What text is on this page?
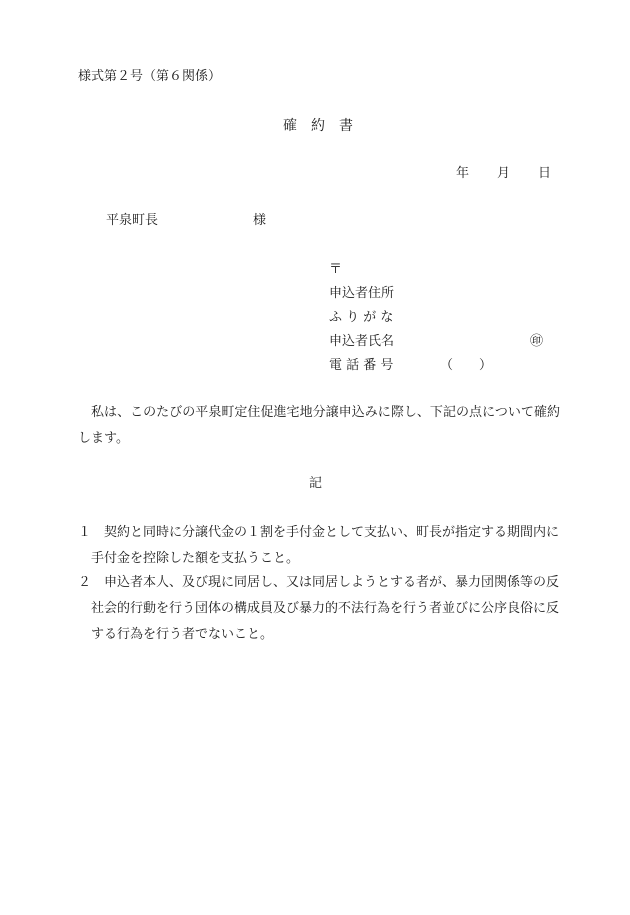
様式第２号（第６関係）
確　約　書
年 月 日
平泉町長	様
〒
申込者住所
ふ り が な
申込者氏名	㊞
電 話 番 号	（　　）
私は、このたびの平泉町定住促進宅地分譲申込みに際し、下記の点について確約します。
記
１ 契約と同時に分譲代金の１割を手付金として支払い、町長が指定する期間内に手付金を控除した額を支払うこと。
２ 申込者本人、及び現に同居し、又は同居しようとする者が、暴力団関係等の反社会的行動を行う団体の構成員及び暴力的不法行為を行う者並びに公序良俗に反する行為を行う者でないこと。
